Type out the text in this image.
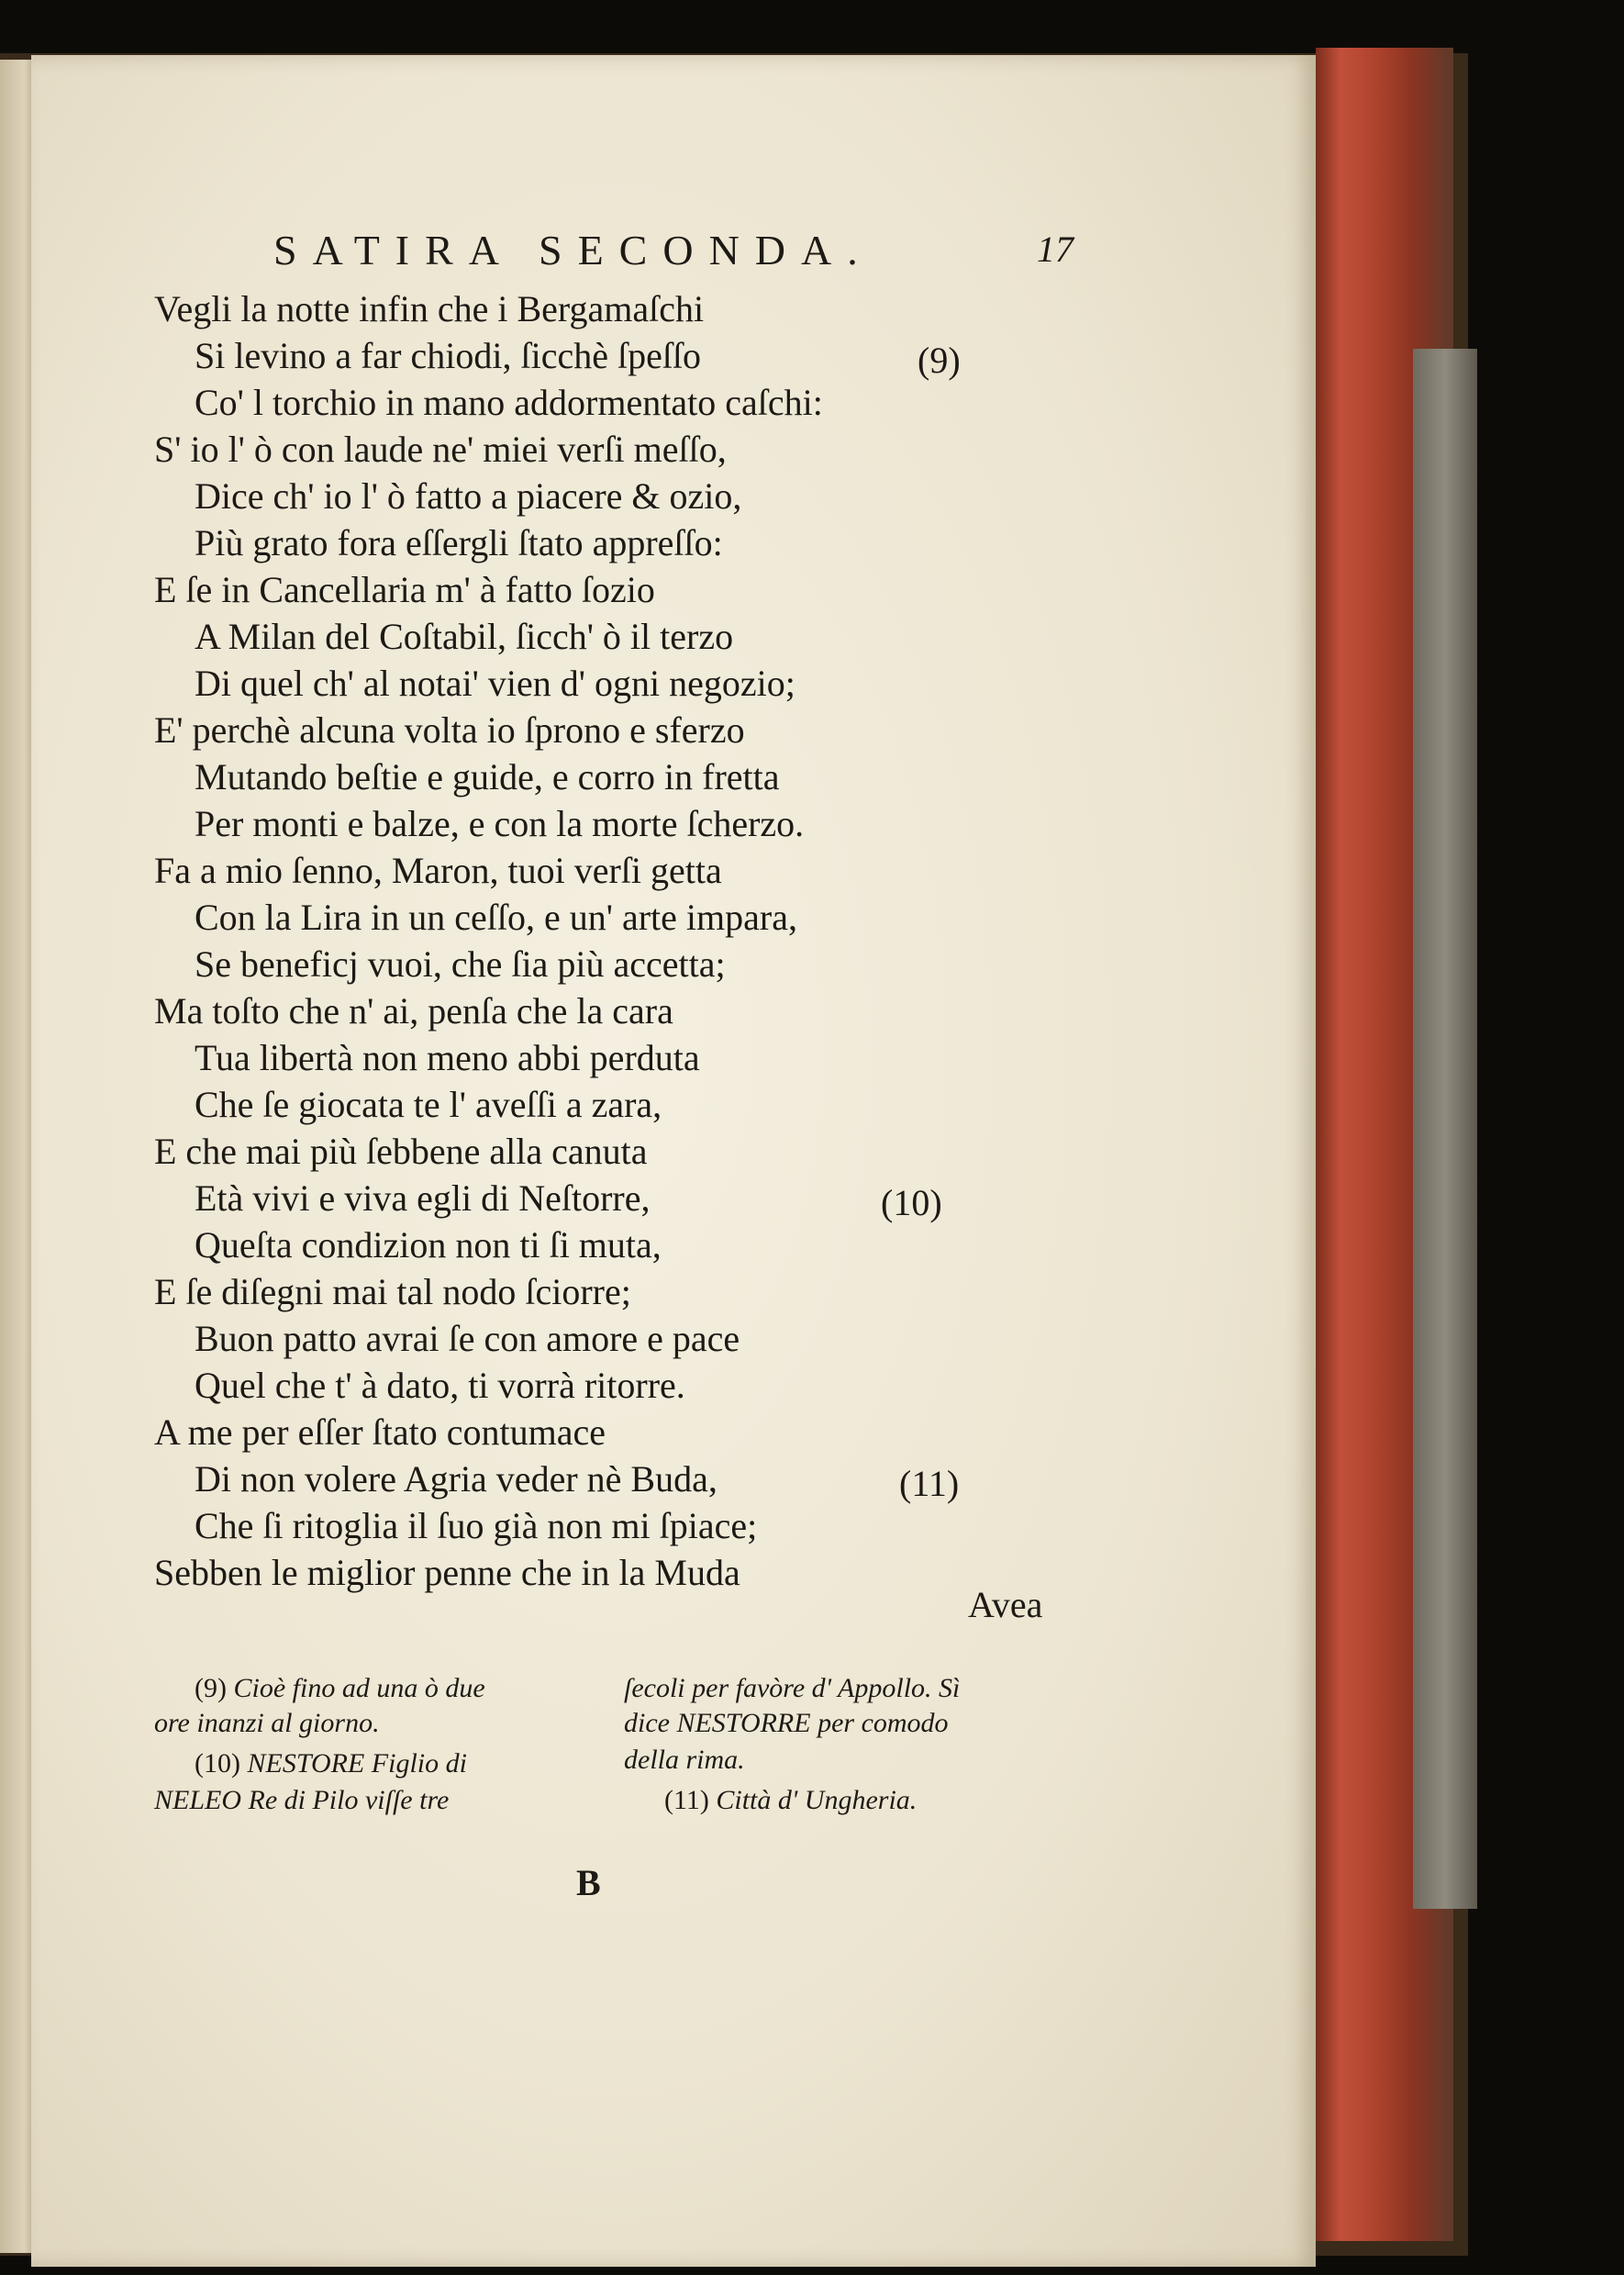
SATIRA SECONDA.	17
Vegli la notte infin che i Bergamaſchi
Si levino a far chiodi, ſicchè ſpeſſo
Co' l torchio in mano addormentato caſchi:
S' io l' ò con laude ne' miei verſi meſſo,
Dice ch' io l' ò fatto a piacere & ozio,
Più grato fora eſſergli ſtato appreſſo:
E ſe in Cancellaria m' à fatto ſozio
A Milan del Coſtabil, ſicch' ò il terzo
Di quel ch' al notai' vien d' ogni negozio;
E' perchè alcuna volta io ſprono e sferzo
Mutando beſtie e guide, e corro in fretta
Per monti e balze, e con la morte ſcherzo.
Fa a mio ſenno, Maron, tuoi verſi getta
Con la Lira in un ceſſo, e un' arte impara,
Se beneficj vuoi, che ſia più accetta;
Ma toſto che n' ai, penſa che la cara
Tua libertà non meno abbi perduta
Che ſe giocata te l' aveſſi a zara,
E che mai più ſebbene alla canuta
Età vivi e viva egli di Neſtorre,
Queſta condizion non ti ſi muta,
E ſe diſegni mai tal nodo ſciorre;
Buon patto avrai ſe con amore e pace
Quel che t' à dato, ti vorrà ritorre.
A me per eſſer ſtato contumace
Di non volere Agria veder nè Buda,
Che ſi ritoglia il ſuo già non mi ſpiace;
Sebben le miglior penne che in la Muda
(9)
(10)
(11)
Avea
(9) Cioè fino ad una ò due
ore inanzi al giorno.
(10) NESTORE Figlio di
NELEO Re di Pilo viſſe tre
ſecoli per favòre d' Appollo. Sì
dice NESTORRE per comodo
della rima.
(11) Città d' Ungheria.
B
